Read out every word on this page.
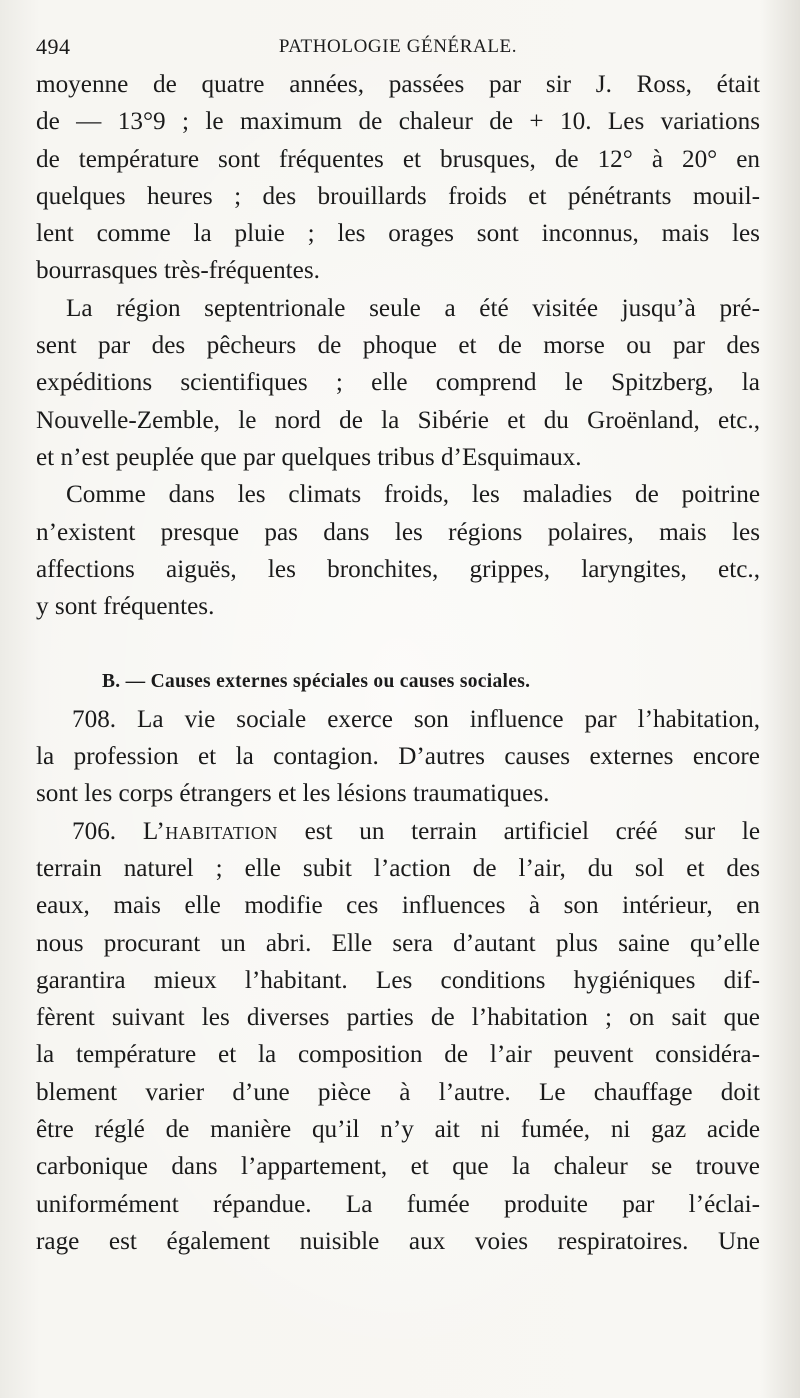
494	PATHOLOGIE GÉNÉRALE.
moyenne de quatre années, passées par sir J. Ross, était
de — 13°9 ; le maximum de chaleur de + 10. Les variations
de température sont fréquentes et brusques, de 12° à 20° en
quelques heures ; des brouillards froids et pénétrants mouil-
lent comme la pluie ; les orages sont inconnus, mais les
bourrasques très-fréquentes.
La région septentrionale seule a été visitée jusqu’à pré-
sent par des pêcheurs de phoque et de morse ou par des
expéditions scientifiques ; elle comprend le Spitzberg, la
Nouvelle-Zemble, le nord de la Sibérie et du Groënland, etc.,
et n’est peuplée que par quelques tribus d’Esquimaux.
Comme dans les climats froids, les maladies de poitrine
n’existent presque pas dans les régions polaires, mais les
affections aiguës, les bronchites, grippes, laryngites, etc.,
y sont fréquentes.
B. — Causes externes spéciales ou causes sociales.
708. La vie sociale exerce son influence par l’habitation,
la profession et la contagion. D’autres causes externes encore
sont les corps étrangers et les lésions traumatiques.
706. L’habitation est un terrain artificiel créé sur le
terrain naturel ; elle subit l’action de l’air, du sol et des
eaux, mais elle modifie ces influences à son intérieur, en
nous procurant un abri. Elle sera d’autant plus saine qu’elle
garantira mieux l’habitant. Les conditions hygiéniques dif-
fèrent suivant les diverses parties de l’habitation ; on sait que
la température et la composition de l’air peuvent considéra-
blement varier d’une pièce à l’autre. Le chauffage doit
être réglé de manière qu’il n’y ait ni fumée, ni gaz acide
carbonique dans l’appartement, et que la chaleur se trouve
uniformément répandue. La fumée produite par l’éclai-
rage est également nuisible aux voies respiratoires. Une
